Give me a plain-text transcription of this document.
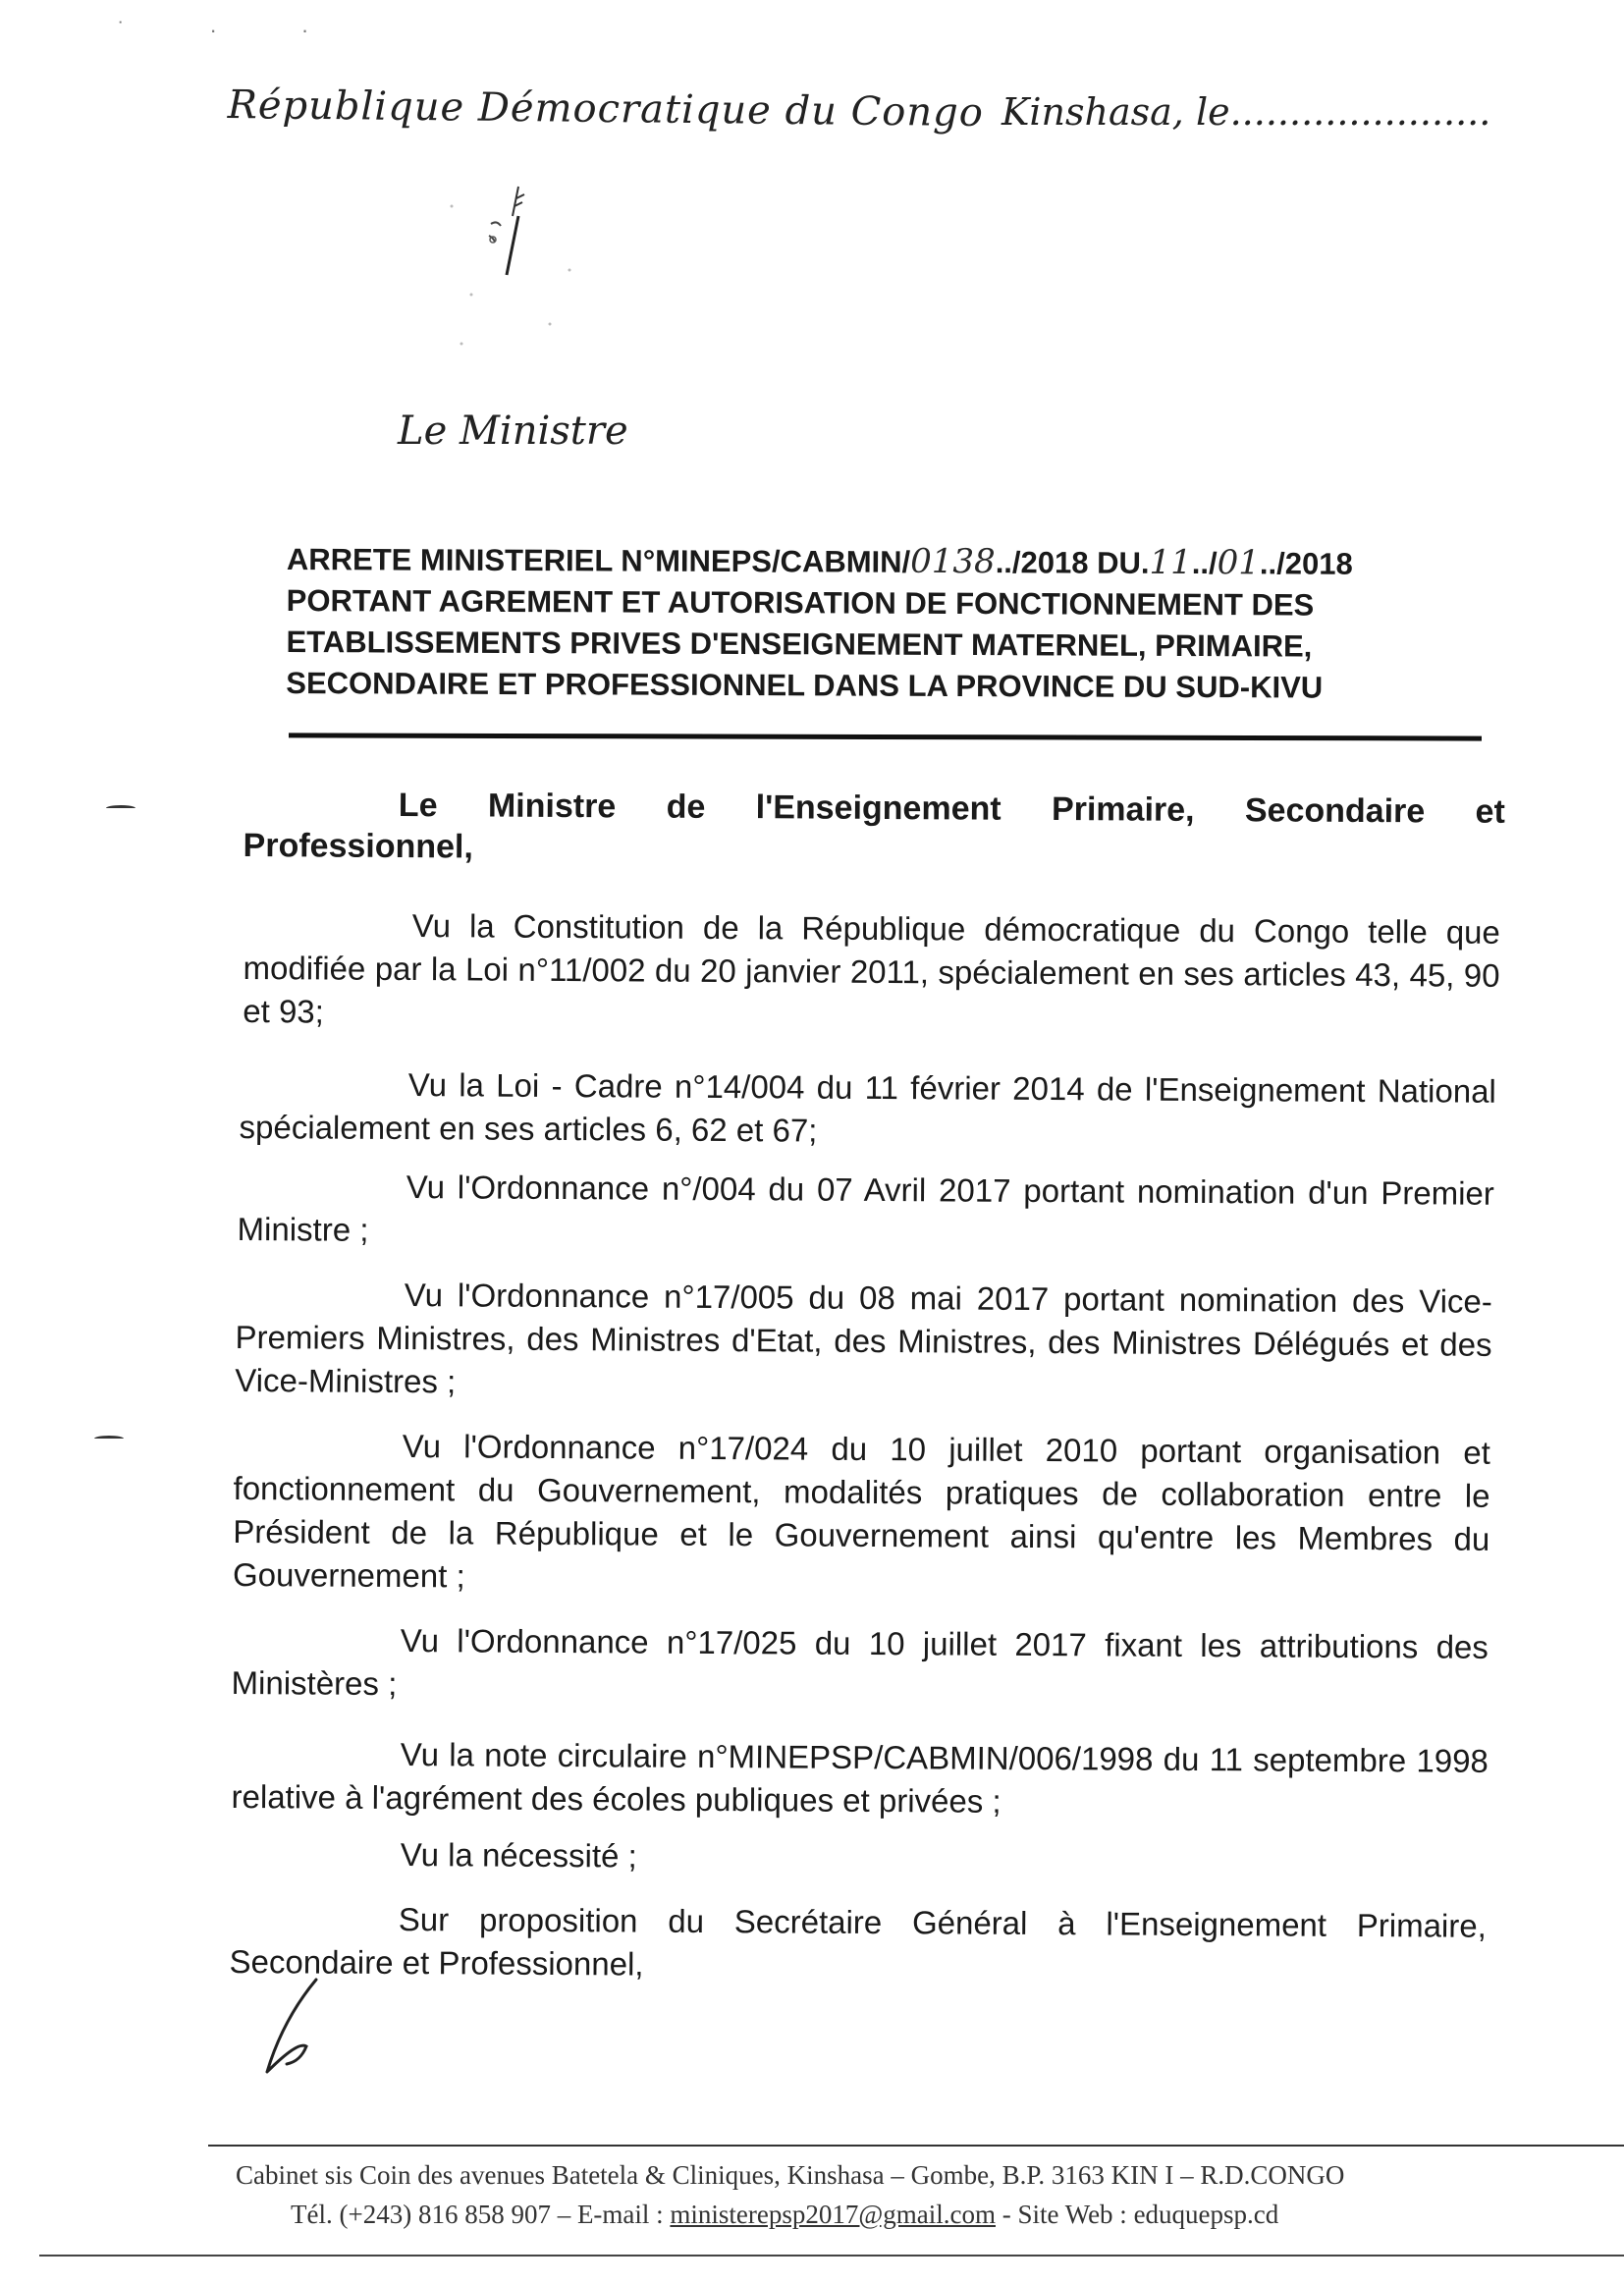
˙ · ·
République Démocratique du Congo Kinshasa, le......................
Le Ministre
ARRETE MINISTERIEL N°MINEPS/CABMIN/0138../2018 DU.11../01../2018
PORTANT AGREMENT ET AUTORISATION DE FONCTIONNEMENT DES
ETABLISSEMENTS PRIVES D'ENSEIGNEMENT MATERNEL, PRIMAIRE,
SECONDAIRE ET PROFESSIONNEL DANS LA PROVINCE DU SUD-KIVU
Le Ministre de l'Enseignement Primaire, Secondaire et
Professionnel,
Vu la Constitution de la République démocratique du Congo telle que modifiée par la Loi n°11/002 du 20 janvier 2011, spécialement en ses articles 43, 45, 90 et 93;
Vu la Loi - Cadre n°14/004 du 11 février 2014 de l'Enseignement National spécialement en ses articles 6, 62 et 67;
Vu l'Ordonnance n°/004 du 07 Avril 2017 portant nomination d'un Premier Ministre ;
Vu l'Ordonnance n°17/005 du 08 mai 2017 portant nomination des Vice-Premiers Ministres, des Ministres d'Etat, des Ministres, des Ministres Délégués et des Vice-Ministres ;
Vu l'Ordonnance n°17/024 du 10 juillet 2010 portant organisation et fonctionnement du Gouvernement, modalités pratiques de collaboration entre le Président de la République et le Gouvernement ainsi qu'entre les Membres du Gouvernement ;
Vu l'Ordonnance n°17/025 du 10 juillet 2017 fixant les attributions des Ministères ;
Vu la note circulaire n°MINEPSP/CABMIN/006/1998 du 11 septembre 1998 relative à l'agrément des écoles publiques et privées ;
Vu la nécessité ;
Sur proposition du Secrétaire Général à l'Enseignement Primaire, Secondaire et Professionnel,
Cabinet sis Coin des avenues Batetela & Cliniques, Kinshasa – Gombe, B.P. 3163 KIN I – R.D.CONGO
Tél. (+243) 816 858 907 – E-mail : ministerepsp2017@gmail.com - Site Web : eduquepsp.cd
